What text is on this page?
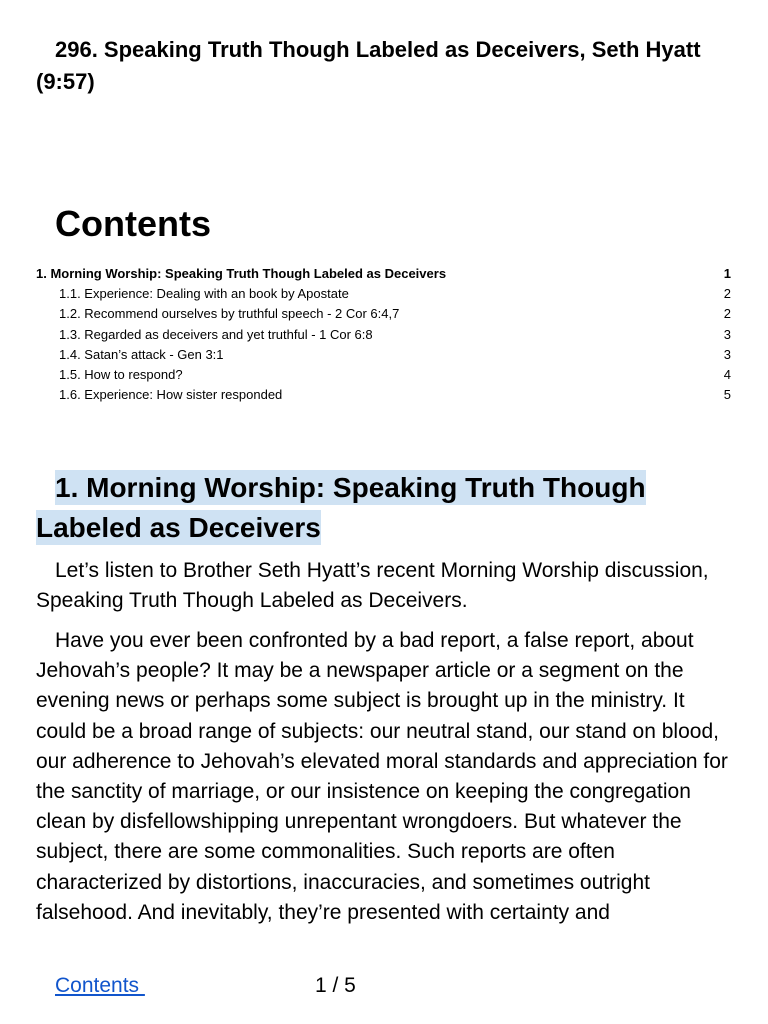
296. Speaking Truth Though Labeled as Deceivers, Seth Hyatt (9:57)
Contents
1. Morning Worship: Speaking Truth Though Labeled as Deceivers	1
1.1. Experience: Dealing with an book by Apostate	2
1.2. Recommend ourselves by truthful speech - 2 Cor 6:4,7	2
1.3. Regarded as deceivers and yet truthful - 1 Cor 6:8	3
1.4. Satan’s attack - Gen 3:1	3
1.5. How to respond?	4
1.6. Experience: How sister responded	5
1. Morning Worship: Speaking Truth Though Labeled as Deceivers

Let’s listen to Brother Seth Hyatt’s recent Morning Worship discussion, Speaking Truth Though Labeled as Deceivers.

Have you ever been confronted by a bad report, a false report, about Jehovah’s people? It may be a newspaper article or a segment on the evening news or perhaps some subject is brought up in the ministry. It could be a broad range of subjects: our neutral stand, our stand on blood, our adherence to Jehovah’s elevated moral standards and appreciation for the sanctity of marriage, or our insistence on keeping the congregation clean by disfellowshipping unrepentant wrongdoers. But whatever the subject, there are some commonalities. Such reports are often characterized by distortions, inaccuracies, and sometimes outright falsehood. And inevitably, they’re presented with certainty and

Contents	1 / 5
